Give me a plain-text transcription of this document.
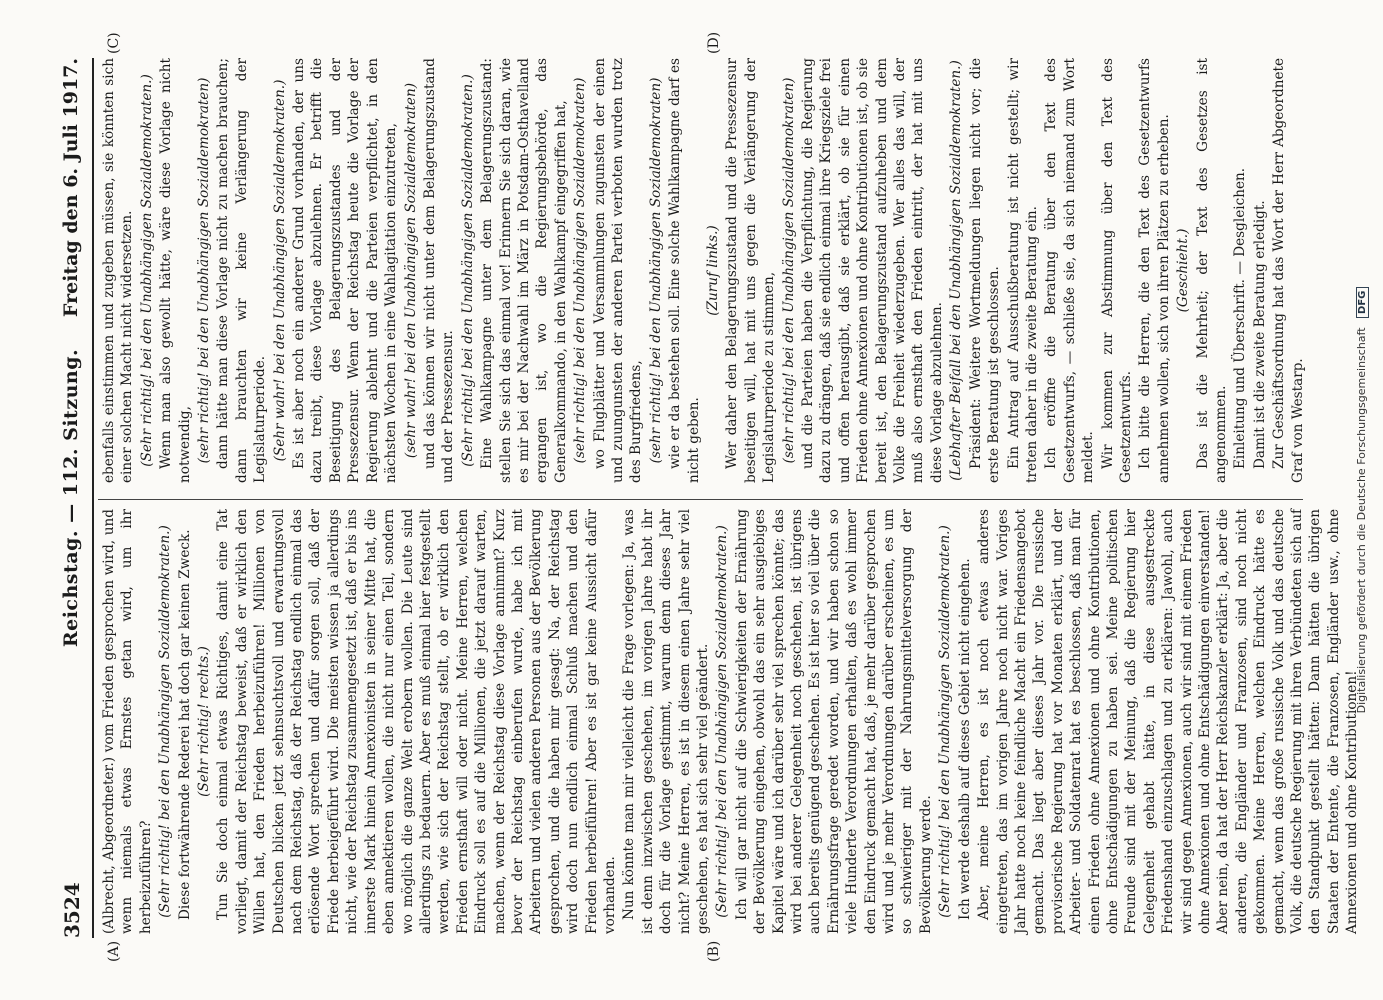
3524
Reichstag. — 112. Sitzung.
Freitag den 6. Juli 1917.
(A)	(B)
(C)	(D)

(Albrecht, Abgeordneter.) vom Frieden gesprochen wird, und wenn niemals etwas Ernstes getan wird, um ihr herbeizuführen? (Sehr richtig! bei den Unabhängigen Sozialdemokraten.) Diese fortwährende Rederei hat doch gar keinen Zweck. (Sehr richtig! rechts.) Tun Sie doch einmal etwas Richtiges, damit eine Tat vorliegt, damit der Reichstag beweist, daß er wirklich den Willen hat, den Frieden herbeizuführen! Millionen von Deutschen blicken jetzt sehnsuchtsvoll und erwartungsvoll nach dem Reichstag, daß der Reichstag endlich einmal das erlösende Wort sprechen und dafür sorgen soll, daß der Friede herbeigeführt wird. Die meisten wissen ja allerdings nicht, wie der Reichstag zusammengesetzt ist, daß er bis ins innerste Mark hinein Annexionisten in seiner Mitte hat, die eben annektieren wollen, die nicht nur einen Teil, sondern wo möglich die ganze Welt erobern wollen. Die Leute sind allerdings zu bedauern. Aber es muß einmal hier festgestellt werden, wie sich der Reichstag stellt, ob er wirklich den Frieden ernsthaft will oder nicht. Meine Herren, welchen Eindruck soll es auf die Millionen, die jetzt darauf warten, machen, wenn der Reichstag diese Vorlage annimmt? Kurz bevor der Reichstag einberufen wurde, habe ich mit Arbeitern und vielen anderen Personen aus der Bevölkerung gesprochen, und die haben mir gesagt: Na, der Reichstag wird doch nun endlich einmal Schluß machen und den Frieden herbeiführen! Aber es ist gar keine Aussicht dafür vorhanden. Nun könnte man mir vielleicht die Frage vorlegen: Ja, was ist denn inzwischen geschehen, im vorigen Jahre habt ihr doch für die Vorlage gestimmt, warum denn dieses Jahr nicht? Meine Herren, es ist in diesem einen Jahre sehr viel geschehen, es hat sich sehr viel geändert. (Sehr richtig! bei den Unabhängigen Sozialdemokraten.) Ich will gar nicht auf die Schwierigkeiten der Ernährung der Bevölkerung eingehen, obwohl das ein sehr ausgiebiges Kapitel wäre und ich darüber sehr viel sprechen könnte; das wird bei anderer Gelegenheit noch geschehen, ist übrigens auch bereits genügend geschehen. Es ist hier so viel über die Ernährungsfrage geredet worden, und wir haben schon so viele Hunderte Verordnungen erhalten, daß es wohl immer den Eindruck gemacht hat, daß, je mehr darüber gesprochen wird und je mehr Verordnungen darüber erscheinen, es um so schwieriger mit der Nahrungsmittelversorgung der Bevölkerung werde. (Sehr richtig! bei den Unabhängigen Sozialdemokraten.) Ich werde deshalb auf dieses Gebiet nicht eingehen. Aber, meine Herren, es ist noch etwas anderes eingetreten, das im vorigen Jahre noch nicht war. Voriges Jahr hatte noch keine feindliche Macht ein Friedensangebot gemacht. Das liegt aber dieses Jahr vor. Die russische provisorische Regierung hat vor Monaten erklärt, und der Arbeiter- und Soldatenrat hat es beschlossen, daß man für einen Frieden ohne Annexionen und ohne Kontributionen, ohne Entschädigungen zu haben sei. Meine politischen Freunde sind mit der Meinung, daß die Regierung hier Gelegenheit gehabt hätte, in diese ausgestreckte Friedenshand einzuschlagen und zu erklären: Jawohl, auch wir sind gegen Annexionen, auch wir sind mit einem Frieden ohne Annexionen und ohne Entschädigungen einverstanden! Aber nein, da hat der Herr Reichskanzler erklärt: Ja, aber die anderen, die Engländer und Franzosen, sind noch nicht gekommen. Meine Herren, welchen Eindruck hätte es gemacht, wenn das große russische Volk und das deutsche Volk, die deutsche Regierung mit ihren Verbündeten sich auf den Standpunkt gestellt hätten: Dann hätten die übrigen Staaten der Entente, die Franzosen, Engländer usw., ohne Annexionen und ohne Kontributionen!

ebenfalls einstimmen und zugeben müssen, sie könnten sich einer solchen Macht nicht widersetzen. (Sehr richtig! bei den Unabhängigen Sozialdemokraten.) Wenn man also gewollt hätte, wäre diese Vorlage nicht notwendig, (sehr richtig! bei den Unabhängigen Sozialdemokraten) dann hätte man diese Vorlage nicht zu machen brauchen; dann brauchten wir keine Verlängerung der Legislaturperiode. (Sehr wahr! bei den Unabhängigen Sozialdemokraten.) Es ist aber noch ein anderer Grund vorhanden, der uns dazu treibt, diese Vorlage abzulehnen. Er betrifft die Beseitigung des Belagerungszustandes und der Pressezensur. Wenn der Reichstag heute die Vorlage der Regierung ablehnt und die Parteien verpflichtet, in den nächsten Wochen in eine Wahlagitation einzutreten, (sehr wahr! bei den Unabhängigen Sozialdemokraten) und das können wir nicht unter dem Belagerungszustand und der Pressezensur. (Sehr richtig! bei den Unabhängigen Sozialdemokraten.) Eine Wahlkampagne unter dem Belagerungszustand: stellen Sie sich das einmal vor! Erinnern Sie sich daran, wie es mir bei der Nachwahl im März in Potsdam-Osthavelland ergangen ist, wo die Regierungsbehörde, das Generalkommando, in den Wahlkampf eingegriffen hat, (sehr richtig! bei den Unabhängigen Sozialdemokraten) wo Flugblätter und Versammlungen zugunsten der einen und zuungunsten der anderen Partei verboten wurden trotz des Burgfriedens, (sehr richtig! bei den Unabhängigen Sozialdemokraten) wie er da bestehen soll. Eine solche Wahlkampagne darf es nicht geben.

(Zuruf links.) Wer daher den Belagerungszustand und die Pressezensur beseitigen will, hat mit uns gegen die Verlängerung der Legislaturperiode zu stimmen, (sehr richtig! bei den Unabhängigen Sozialdemokraten) und die Parteien haben die Verpflichtung, die Regierung dazu zu drängen, daß sie endlich einmal ihre Kriegsziele frei und offen herausgibt, daß sie erklärt, ob sie für einen Frieden ohne Annexionen und ohne Kontributionen ist, ob sie bereit ist, den Belagerungszustand aufzuheben und dem Volke die Freiheit wiederzugeben. Wer alles das will, der muß also ernsthaft den Frieden eintritt, der hat mit uns diese Vorlage abzulehnen. (Lebhafter Beifall bei den Unabhängigen Sozialdemokraten.) Präsident: Weitere Wortmeldungen liegen nicht vor; die erste Beratung ist geschlossen. Ein Antrag auf Ausschußberatung ist nicht gestellt; wir treten daher in die zweite Beratung ein. Ich eröffne die Beratung über den Text des Gesetzentwurfs, — schließe sie, da sich niemand zum Wort meldet. Wir kommen zur Abstimmung über den Text des Gesetzentwurfs. Ich bitte die Herren, die den Text des Gesetzentwurfs annehmen wollen, sich von ihren Plätzen zu erheben. (Geschieht.) Das ist die Mehrheit; der Text des Gesetzes ist angenommen. Einleitung und Überschrift. — Desgleichen. Damit ist die zweite Beratung erledigt. Zur Geschäftsordnung hat das Wort der Herr Abgeordnete Graf von Westarp.	Digitalisierung gefördert durch die Deutsche Forschungsgemeinschaft DFG
